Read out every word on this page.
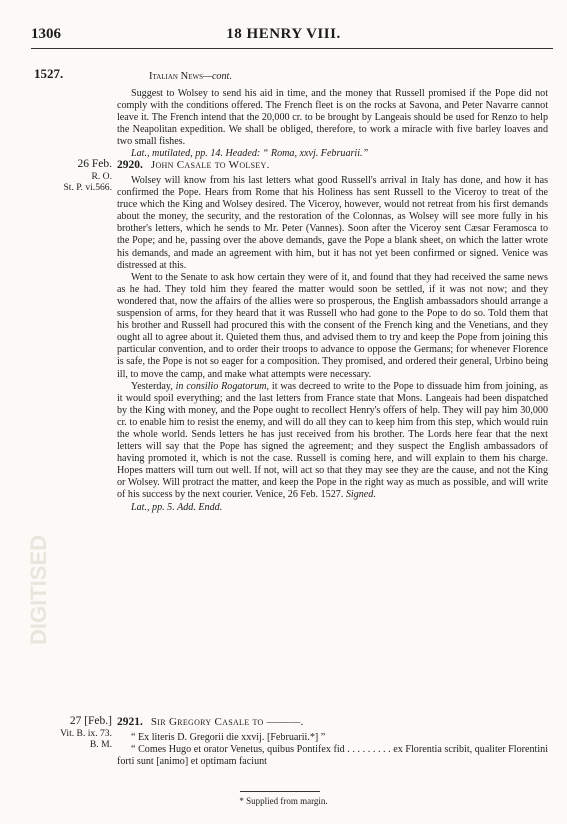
1306	18 HENRY VIII.
1527.	Italian News—cont.

Suggest to Wolsey to send his aid in time, and the money that Russell promised if the Pope did not comply with the conditions offered. The French fleet is on the rocks at Savona, and Peter Navarre cannot leave it. The French intend that the 20,000 cr. to be brought by Langeais should be used for Renzo to help the Neapolitan expedition. We shall be obliged, therefore, to work a miracle with five barley loaves and two small fishes.

Lat., mutilated, pp. 14. Headed: “ Roma, xxvj. Februarii.”

26 Feb.
R. O.
St. P. vi.566.
2920. John Casale to Wolsey.

Wolsey will know from his last letters what good Russell's arrival in Italy has done, and how it has confirmed the Pope. Hears from Rome that his Holiness has sent Russell to the Viceroy to treat of the truce which the King and Wolsey desired. The Viceroy, however, would not retreat from his first demands about the money, the security, and the restoration of the Colonnas, as Wolsey will see more fully in his brother's letters, which he sends to Mr. Peter (Vannes). Soon after the Viceroy sent Cæsar Feramosca to the Pope; and he, passing over the above demands, gave the Pope a blank sheet, on which the latter wrote his demands, and made an agreement with him, but it has not yet been confirmed or signed. Venice was distressed at this.

Went to the Senate to ask how certain they were of it, and found that they had received the same news as he had. They told him they feared the matter would soon be settled, if it was not now; and they wondered that, now the affairs of the allies were so prosperous, the English ambassadors should arrange a suspension of arms, for they heard that it was Russell who had gone to the Pope to do so. Told them that his brother and Russell had procured this with the consent of the French king and the Venetians, and they ought all to agree about it. Quieted them thus, and advised them to try and keep the Pope from joining this particular convention, and to order their troops to advance to oppose the Germans; for whenever Florence is safe, the Pope is not so eager for a composition. They promised, and ordered their general, Urbino being ill, to move the camp, and make what attempts were necessary.

Yesterday, in consilio Rogatorum, it was decreed to write to the Pope to dissuade him from joining, as it would spoil everything; and the last letters from France state that Mons. Langeais had been dispatched by the King with money, and the Pope ought to recollect Henry's offers of help. They will pay him 30,000 cr. to enable him to resist the enemy, and will do all they can to keep him from this step, which would ruin the whole world. Sends letters he has just received from his brother. The Lords here fear that the next letters will say that the Pope has signed the agreement; and they suspect the English ambassadors of having promoted it, which is not the case. Russell is coming here, and will explain to them his charge. Hopes matters will turn out well. If not, will act so that they may see they are the cause, and not the King or Wolsey. Will protract the matter, and keep the Pope in the right way as much as possible, and will write of his success by the next courier. Venice, 26 Feb. 1527. Signed.

Lat., pp. 5. Add. Endd.

27 [Feb.]
Vit. B. ix. 73.
B. M.
2921. Sir Gregory Casale to ———.

“ Ex literis D. Gregorii die xxvij. [Februarii.*] ”

“ Comes Hugo et orator Venetus, quibus Pontifex fid . . . . . . . . . ex Florentia scribit, qualiter Florentini forti sunt [animo] et optimam faciunt

* Supplied from margin.
DIGITISED
